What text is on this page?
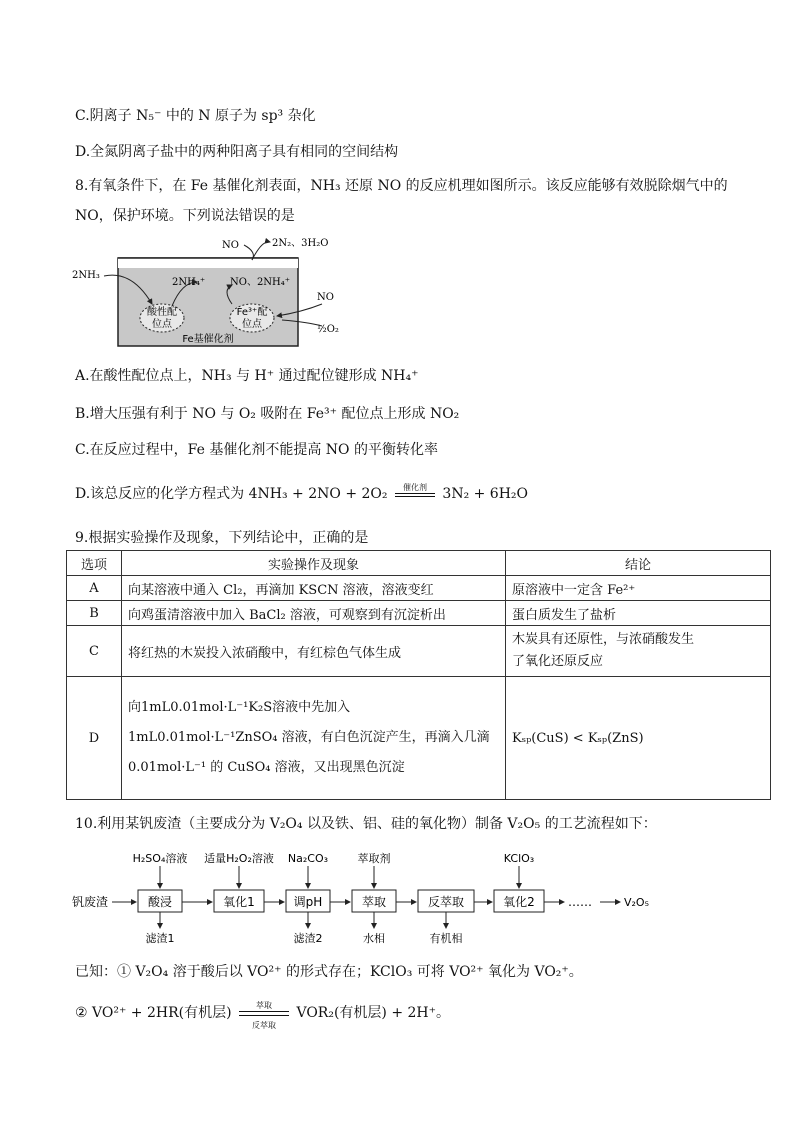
C.阴离子 N₅⁻ 中的 N 原子为 sp³ 杂化
D.全氮阴离子盐中的两种阳离子具有相同的空间结构
8.有氧条件下，在 Fe 基催化剂表面，NH₃ 还原 NO 的反应机理如图所示。该反应能够有效脱除烟气中的
NO，保护环境。下列说法错误的是
酸性配
位点
Fe³⁺配
位点
Fe基催化剂
NO	2N₂、3H₂O
2NH₃
2NH₄⁺ NO、2NH₄⁺
NO
½O₂
A.在酸性配位点上，NH₃ 与 H⁺ 通过配位键形成 NH₄⁺
B.增大压强有利于 NO 与 O₂ 吸附在 Fe³⁺ 配位点上形成 NO₂
C.在反应过程中，Fe 基催化剂不能提高 NO 的平衡转化率
D.该总反应的化学方程式为 4NH₃ + 2NO + 2O₂	催化剂	3N₂ + 6H₂O
9.根据实验操作及现象，下列结论中，正确的是
选项	实验操作及现象	结论
A	向某溶液中通入 Cl₂，再滴加 KSCN 溶液，溶液变红	原溶液中一定含 Fe²⁺
B	向鸡蛋清溶液中加入 BaCl₂ 溶液，可观察到有沉淀析出	蛋白质发生了盐析
C	将红热的木炭投入浓硝酸中，有红棕色气体生成	木炭具有还原性，与浓硝酸发生
了氧化还原反应

D	向1mL0.01mol·L⁻¹K₂S溶液中先加入
1mL0.01mol·L⁻¹ZnSO₄ 溶液，有白色沉淀产生，再滴入几滴
0.01mol·L⁻¹ 的 CuSO₄ 溶液，又出现黑色沉淀	Kₛₚ(CuS) < Kₛₚ(ZnS)
10.利用某钒废渣（主要成分为 V₂O₄ 以及铁、铝、硅的氧化物）制备 V₂O₅ 的工艺流程如下：
钒废渣	酸浸
H₂SO₄溶液
滤渣1
氧化1
适量H₂O₂溶液
调pH
Na₂CO₃
滤渣2
萃取
萃取剂
水相
反萃取
有机相
氧化2
KClO₃
……	V₂O₅
已知：① V₂O₄ 溶于酸后以 VO²⁺ 的形式存在；KClO₃ 可将 VO²⁺ 氧化为 VO₂⁺。
② VO²⁺ + 2HR(有机层)	萃取
反萃取
VOR₂(有机层) + 2H⁺。
